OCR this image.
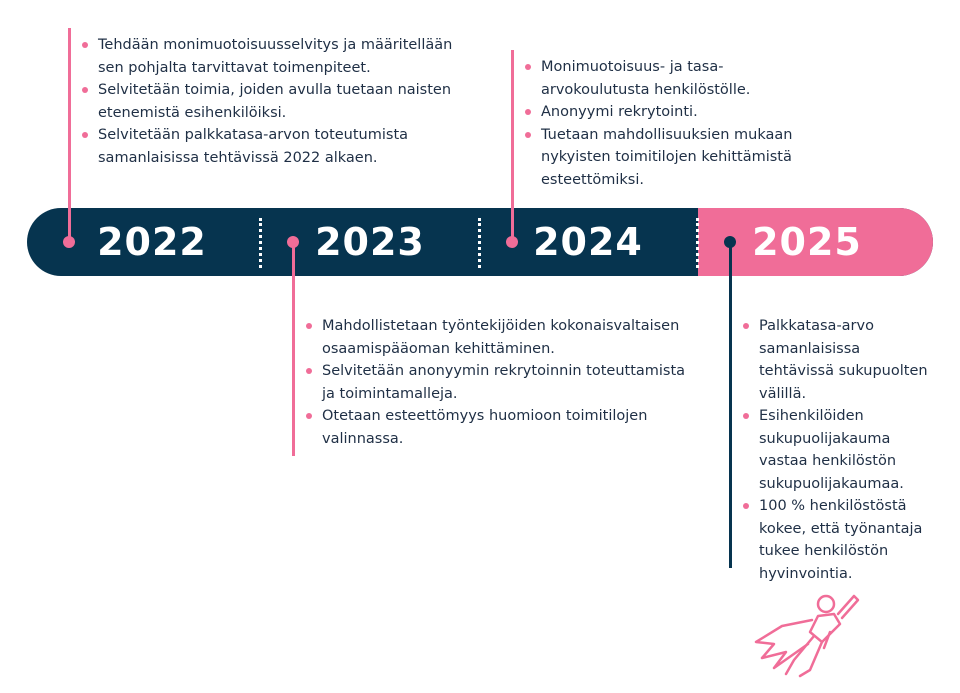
2022	2023	2024	2025
Tehdään monimuotoisuusselvitys ja määritellään sen pohjalta tarvittavat toimenpiteet.
Selvitetään toimia, joiden avulla tuetaan naisten etenemistä esihenkilöiksi.
Selvitetään palkkatasa-arvon toteutumista samanlaisissa tehtävissä 2022 alkaen.
Monimuotoisuus- ja tasa-arvokoulutusta henkilöstölle.
Anonyymi rekrytointi.
Tuetaan mahdollisuuksien mukaan nykyisten toimitilojen kehittämistä esteettömiksi.
Mahdollistetaan työntekijöiden kokonaisvaltaisen osaamispääoman kehittäminen.
Selvitetään anonyymin rekrytoinnin toteuttamista ja toimintamalleja.
Otetaan esteettömyys huomioon toimitilojen valinnassa.
Palkkatasa-arvo samanlaisissa tehtävissä sukupuolten välillä.
Esihenkilöiden sukupuolijakauma vastaa henkilöstön sukupuolijakaumaa.
100 % henkilöstöstä kokee, että työnantaja tukee henkilöstön hyvinvointia.
